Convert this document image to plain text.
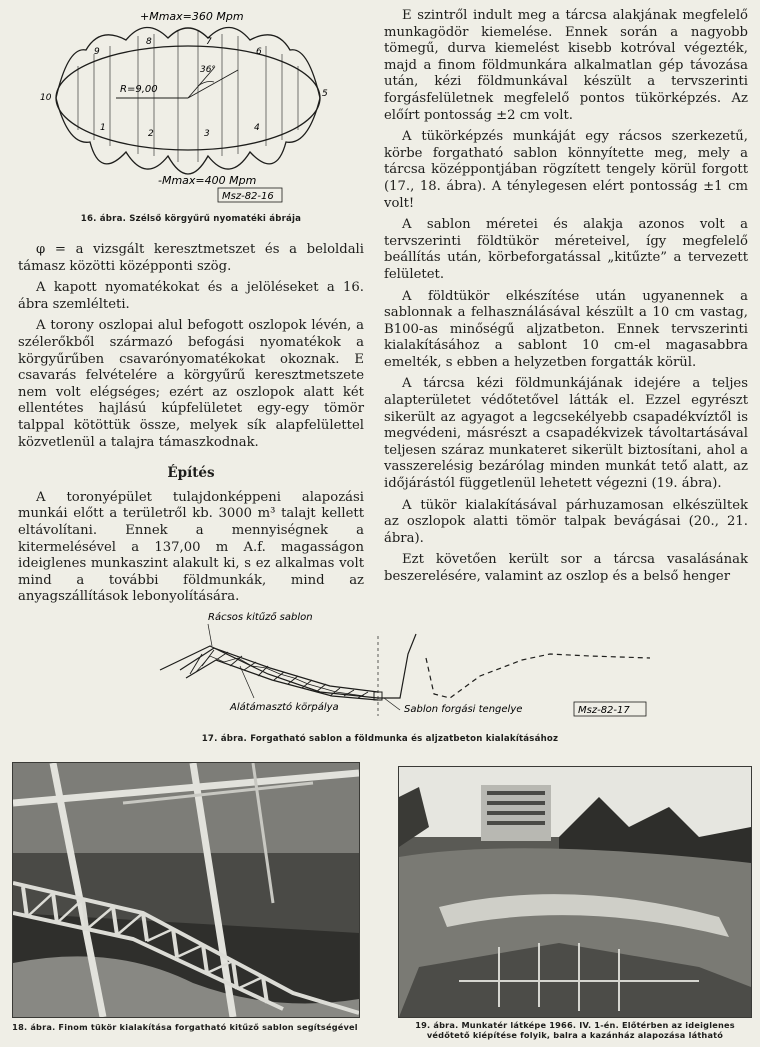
+Mmax=360 Mpm
-Mmax=400 Mpm
R=9,00
36°
Msz-82-16
1
2	3
4
5
6
7
8
9
10
16. ábra. Szélső körgyűrű nyomatéki ábrája

φ = a vizsgált keresztmetszet és a beloldali támasz közötti középponti szög.

A kapott nyomatékokat és a jelöléseket a 16. ábra szemlélteti.

A torony oszlopai alul befogott oszlopok lévén, a szélerőkből származó befogási nyomatékok a körgyűrűben csavarónyomatékokat okoznak. E csavarás felvételére a körgyűrű keresztmetszete nem volt elégséges; ezért az oszlopok alatt két ellentétes hajlású kúpfelületet egy-egy tömör talppal kötöttük össze, melyek sík alapfelülettel közvetlenül a talajra támaszkodnak.

Építés

A toronyépület tulajdonképpeni alapozási munkái előtt a területről kb. 3000 m³ talajt kellett eltávolítani. Ennek a mennyiségnek a kitermelésével a 137,00 m A.f. magasságon ideiglenes munkaszint alakult ki, s ez alkalmas volt mind a további földmunkák, mind az anyagszállítások lebonyolítására.

E szintről indult meg a tárcsa alakjának megfelelő munkagödör kiemelése. Ennek során a nagyobb tömegű, durva kiemelést kisebb kotróval végezték, majd a finom földmunkára alkalmatlan gép távozása után, kézi földmunkával készült a tervszerinti forgásfelületnek megfelelő pontos tükörképzés. Az előírt pontosság ±2 cm volt.

A tükörképzés munkáját egy rácsos szerkezetű, körbe forgatható sablon könnyítette meg, mely a tárcsa középpontjában rögzített tengely körül forgott (17., 18. ábra). A ténylegesen elért pontosság ±1 cm volt!

A sablon méretei és alakja azonos volt a tervszerinti földtükör méreteivel, így megfelelő beállítás után, körbeforgatással „kitűzte” a tervezett felületet.

A földtükör elkészítése után ugyanennek a sablonnak a felhasználásával készült a 10 cm vastag, B100-as minőségű aljzatbeton. Ennek tervszerinti kialakításához a sablont 10 cm-el magasabbra emelték, s ebben a helyzetben forgatták körül.

A tárcsa kézi földmunkájának idejére a teljes alapterületet védőtetővel látták el. Ezzel egyrészt sikerült az agyagot a legcsekélyebb csapadékvíztől is megvédeni, másrészt a csapadékvizek távoltartásával teljesen száraz munkateret sikerült biztosítani, ahol a vasszerelésig bezárólag minden munkát tető alatt, az időjárástól függetlenül lehetett végezni (19. ábra).

A tükör kialakításával párhuzamosan elkészültek az oszlopok alatti tömör talpak bevágásai (20., 21. ábra).

Ezt követően került sor a tárcsa vasalásának beszerelésére, valamint az oszlop és a belső henger

Rácsos kitűző sablon
Alátámasztó körpálya	Sablon forgási tengelye	Msz-82-17
17. ábra. Forgatható sablon a földmunka és aljzatbeton kialakításához
18. ábra. Finom tükör kialakítása forgatható kitűző sablon segítségével	19. ábra. Munkatér látképe 1966. IV. 1-én. Előtérben az ideiglenes védőtető kiépítése folyik, balra a kazánház alapozása látható
